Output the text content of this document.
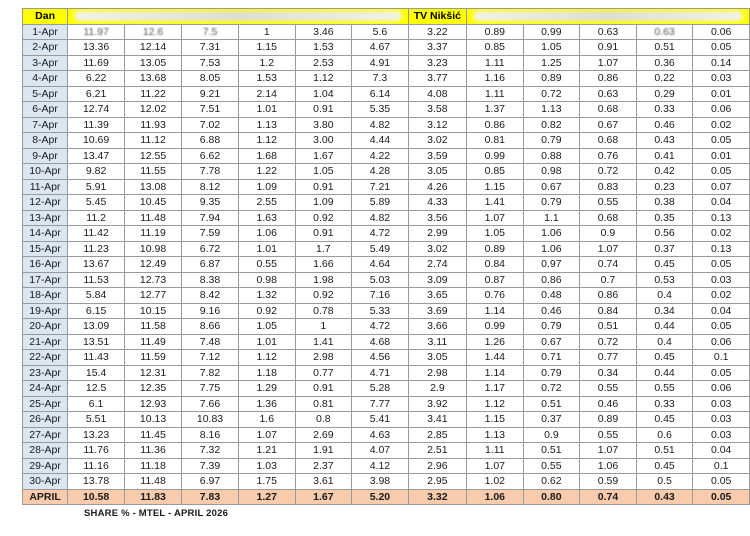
Dan							TV Nikšić					

1-Apr	11.97	12.6	7.5	1	3.46	5.6	3.22	0.89	0.99	0.63	0.63	0.06
2-Apr	13.36	12.14	7.31	1.15	1.53	4.67	3.37	0.85	1.05	0.91	0.51	0.05
3-Apr	11.69	13.05	7.53	1.2	2.53	4.91	3.23	1.11	1.25	1.07	0.36	0.14
4-Apr	6.22	13.68	8.05	1.53	1.12	7.3	3.77	1.16	0.89	0.86	0.22	0.03
5-Apr	6.21	11.22	9.21	2.14	1.04	6.14	4.08	1.11	0.72	0.63	0.29	0.01
6-Apr	12.74	12.02	7.51	1.01	0.91	5.35	3.58	1.37	1.13	0.68	0.33	0.06
7-Apr	11.39	11.93	7.02	1.13	3.80	4.82	3.12	0.86	0.82	0.67	0.46	0.02
8-Apr	10.69	11.12	6.88	1.12	3.00	4.44	3.02	0.81	0.79	0.68	0.43	0.05
9-Apr	13.47	12.55	6.62	1.68	1.67	4.22	3.59	0.99	0.88	0.76	0.41	0.01
10-Apr	9.82	11.55	7.78	1.22	1.05	4.28	3.05	0.85	0.98	0.72	0.42	0.05
11-Apr	5.91	13.08	8.12	1.09	0.91	7.21	4.26	1.15	0.67	0.83	0.23	0.07
12-Apr	5.45	10.45	9.35	2.55	1.09	5.89	4.33	1.41	0.79	0.55	0.38	0.04
13-Apr	11.2	11.48	7.94	1.63	0.92	4.82	3.56	1.07	1.1	0.68	0.35	0.13
14-Apr	11.42	11.19	7.59	1.06	0.91	4.72	2.99	1.05	1.06	0.9	0.56	0.02
15-Apr	11.23	10.98	6.72	1.01	1.7	5.49	3.02	0.89	1.06	1.07	0.37	0.13
16-Apr	13.67	12.49	6.87	0.55	1.66	4.64	2.74	0.84	0.97	0.74	0.45	0.05
17-Apr	11.53	12.73	8.38	0.98	1.98	5.03	3.09	0.87	0.86	0.7	0.53	0.03
18-Apr	5.84	12.77	8.42	1.32	0.92	7.16	3.65	0.76	0.48	0.86	0.4	0.02
19-Apr	6.15	10.15	9.16	0.92	0.78	5.33	3.69	1.14	0.46	0.84	0.34	0.04
20-Apr	13.09	11.58	8.66	1.05	1	4.72	3.66	0.99	0.79	0.51	0.44	0.05
21-Apr	13.51	11.49	7.48	1.01	1.41	4.68	3.11	1.26	0.67	0.72	0.4	0.06
22-Apr	11.43	11.59	7.12	1.12	2.98	4.56	3.05	1.44	0.71	0.77	0.45	0.1
23-Apr	15.4	12.31	7.82	1.18	0.77	4.71	2.98	1.14	0.79	0.34	0.44	0.05
24-Apr	12.5	12.35	7.75	1.29	0.91	5.28	2.9	1.17	0.72	0.55	0.55	0.06
25-Apr	6.1	12.93	7.66	1.36	0.81	7.77	3.92	1.12	0.51	0.46	0.33	0.03
26-Apr	5.51	10.13	10.83	1.6	0.8	5.41	3.41	1.15	0.37	0.89	0.45	0.03
27-Apr	13.23	11.45	8.16	1.07	2.69	4.63	2.85	1.13	0.9	0.55	0.6	0.03
28-Apr	11.76	11.36	7.32	1.21	1.91	4.07	2.51	1.11	0.51	1.07	0.51	0.04
29-Apr	11.16	11.18	7.39	1.03	2.37	4.12	2.96	1.07	0.55	1.06	0.45	0.1
30-Apr	13.78	11.48	6.97	1.75	3.61	3.98	2.95	1.02	0.62	0.59	0.5	0.05
APRIL	10.58	11.83	7.83	1.27	1.67	5.20	3.32	1.06	0.80	0.74	0.43	0.05
SHARE % - MTEL - APRIL 2026
